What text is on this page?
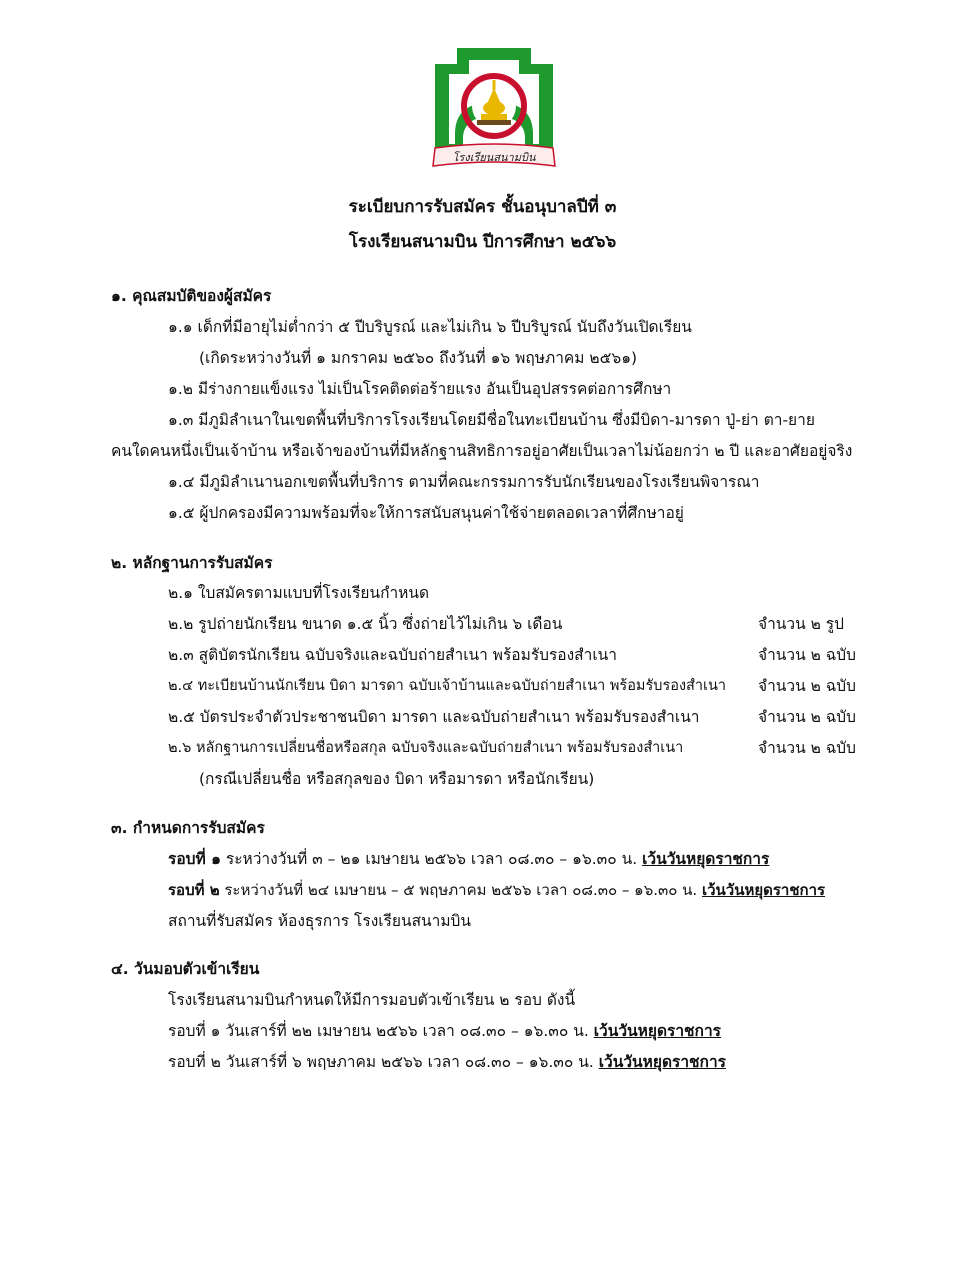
โรงเรียนสนามบิน
ระเบียบการรับสมัคร ชั้นอนุบาลปีที่ ๓
โรงเรียนสนามบิน ปีการศึกษา ๒๕๖๖
๑. คุณสมบัติของผู้สมัคร
๑.๑ เด็กที่มีอายุไม่ต่ำกว่า ๕ ปีบริบูรณ์ และไม่เกิน ๖ ปีบริบูรณ์ นับถึงวันเปิดเรียน
(เกิดระหว่างวันที่ ๑ มกราคม ๒๕๖๐ ถึงวันที่ ๑๖ พฤษภาคม ๒๕๖๑)
๑.๒ มีร่างกายแข็งแรง ไม่เป็นโรคติดต่อร้ายแรง อันเป็นอุปสรรคต่อการศึกษา
๑.๓ มีภูมิลำเนาในเขตพื้นที่บริการโรงเรียนโดยมีชื่อในทะเบียนบ้าน ซึ่งมีบิดา-มารดา ปู่-ย่า ตา-ยาย
คนใดคนหนึ่งเป็นเจ้าบ้าน หรือเจ้าของบ้านที่มีหลักฐานสิทธิการอยู่อาศัยเป็นเวลาไม่น้อยกว่า ๒ ปี และอาศัยอยู่จริง
๑.๔ มีภูมิลำเนานอกเขตพื้นที่บริการ ตามที่คณะกรรมการรับนักเรียนของโรงเรียนพิจารณา
๑.๕ ผู้ปกครองมีความพร้อมที่จะให้การสนับสนุนค่าใช้จ่ายตลอดเวลาที่ศึกษาอยู่
๒. หลักฐานการรับสมัคร
๒.๑ ใบสมัครตามแบบที่โรงเรียนกำหนด
๒.๒ รูปถ่ายนักเรียน ขนาด ๑.๕ นิ้ว ซึ่งถ่ายไว้ไม่เกิน ๖ เดือน	จำนวน ๒ รูป
๒.๓ สูติบัตรนักเรียน ฉบับจริงและฉบับถ่ายสำเนา พร้อมรับรองสำเนา	จำนวน ๒ ฉบับ
๒.๔ ทะเบียนบ้านนักเรียน บิดา มารดา ฉบับเจ้าบ้านและฉบับถ่ายสำเนา พร้อมรับรองสำเนา จำนวน ๒ ฉบับ
๒.๕ บัตรประจำตัวประชาชนบิดา มารดา และฉบับถ่ายสำเนา พร้อมรับรองสำเนา	จำนวน ๒ ฉบับ
๒.๖ หลักฐานการเปลี่ยนชื่อหรือสกุล ฉบับจริงและฉบับถ่ายสำเนา พร้อมรับรองสำเนา	จำนวน ๒ ฉบับ
(กรณีเปลี่ยนชื่อ หรือสกุลของ บิดา หรือมารดา หรือนักเรียน)
๓. กำหนดการรับสมัคร
รอบที่ ๑ ระหว่างวันที่ ๓ – ๒๑ เมษายน ๒๕๖๖ เวลา ๐๘.๓๐ – ๑๖.๓๐ น. เว้นวันหยุดราชการ
รอบที่ ๒ ระหว่างวันที่ ๒๔ เมษายน – ๕ พฤษภาคม ๒๕๖๖ เวลา ๐๘.๓๐ – ๑๖.๓๐ น. เว้นวันหยุดราชการ
สถานที่รับสมัคร ห้องธุรการ โรงเรียนสนามบิน
๔. วันมอบตัวเข้าเรียน
โรงเรียนสนามบินกำหนดให้มีการมอบตัวเข้าเรียน ๒ รอบ ดังนี้
รอบที่ ๑ วันเสาร์ที่ ๒๒ เมษายน ๒๕๖๖ เวลา ๐๘.๓๐ – ๑๖.๓๐ น. เว้นวันหยุดราชการ
รอบที่ ๒ วันเสาร์ที่ ๖ พฤษภาคม ๒๕๖๖ เวลา ๐๘.๓๐ – ๑๖.๓๐ น. เว้นวันหยุดราชการ
